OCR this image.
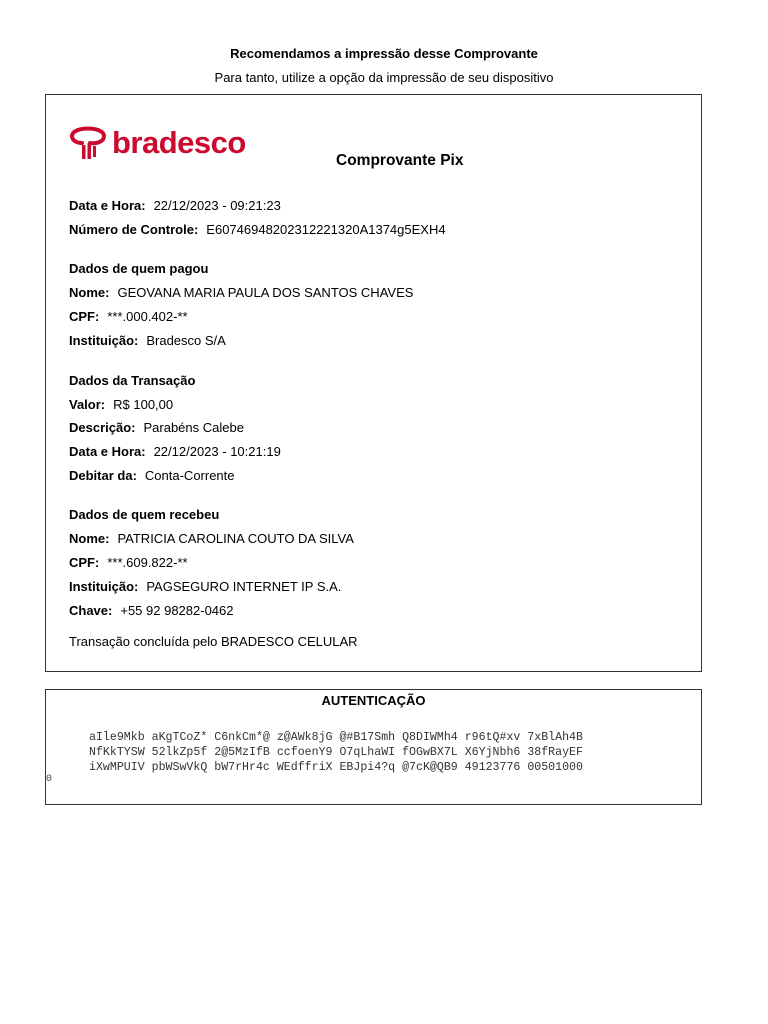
Recomendamos a impressão desse Comprovante
Para tanto, utilize a opção da impressão de seu dispositivo
bradesco
Comprovante Pix
Data e Hora: 22/12/2023 - 09:21:23
Número de Controle: E60746948202312221320A1374g5EXH4
Dados de quem pagou
Nome: GEOVANA MARIA PAULA DOS SANTOS CHAVES
CPF: ***.000.402-**
Instituição: Bradesco S/A
Dados da Transação
Valor: R$ 100,00
Descrição: Parabéns Calebe
Data e Hora: 22/12/2023 - 10:21:19
Debitar da: Conta-Corrente
Dados de quem recebeu
Nome: PATRICIA CAROLINA COUTO DA SILVA
CPF: ***.609.822-**
Instituição: PAGSEGURO INTERNET IP S.A.
Chave: +55 92 98282-0462
Transação concluída pelo BRADESCO CELULAR
AUTENTICAÇÃO
aIle9Mkb aKgTCoZ* C6nkCm*@ z@AWk8jG @#B17Smh Q8DIWMh4 r96tQ#xv 7xBlAh4B
NfKkTYSW 52lkZp5f 2@5MzIfB ccfoenY9 O7qLhaWI fOGwBX7L X6YjNbh6 38fRayEF
iXwMPUIV pbWSwVkQ bW7rHr4c WEdffriX EBJpi4?q @7cK@QB9 49123776 00501000
0
